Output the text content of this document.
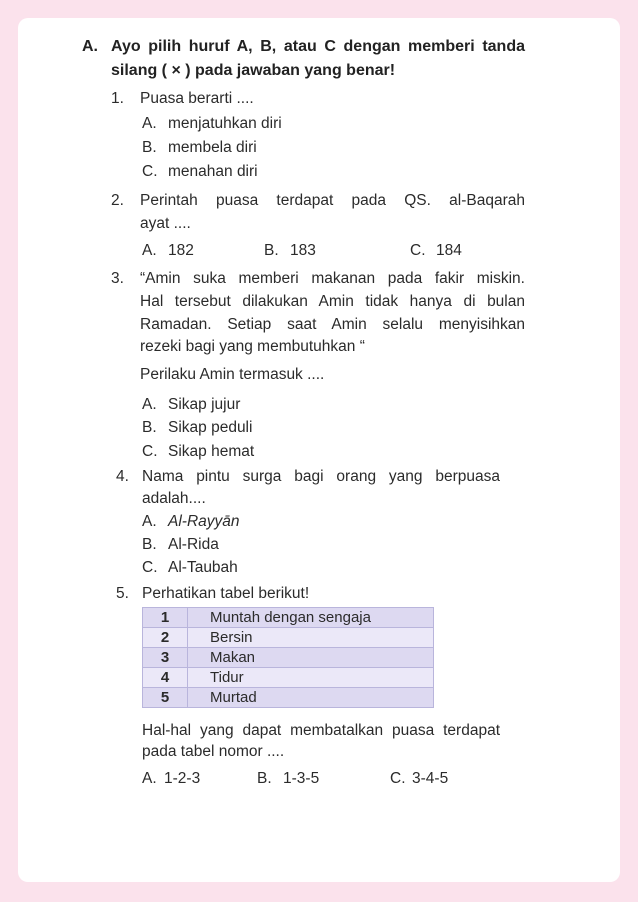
A. Ayo pilih huruf A, B, atau C dengan memberi tanda
silang ( × ) pada jawaban yang benar!
1. Puasa berarti ....
A. menjatuhkan diri
B. membela diri
C. menahan diri
2. Perintah puasa terdapat pada QS. al-Baqarah
ayat ....
A. 182	B. 183	C. 184
3. “Amin suka memberi makanan pada fakir miskin.
Hal tersebut dilakukan Amin tidak hanya di bulan
Ramadan. Setiap saat Amin selalu menyisihkan
rezeki bagi yang membutuhkan “
Perilaku Amin termasuk ....
A. Sikap jujur
B. Sikap peduli
C. Sikap hemat
4. Nama pintu surga bagi orang yang berpuasa
adalah....
A. Al-Rayyān
B. Al-Rida
C. Al-Taubah
5. Perhatikan tabel berikut!
1	Muntah dengan sengaja
2	Bersin
3	Makan
4	Tidur
5	Murtad
Hal-hal yang dapat membatalkan puasa terdapat
pada tabel nomor ....
A. 1-2-3	B. 1-3-5	C. 3-4-5
